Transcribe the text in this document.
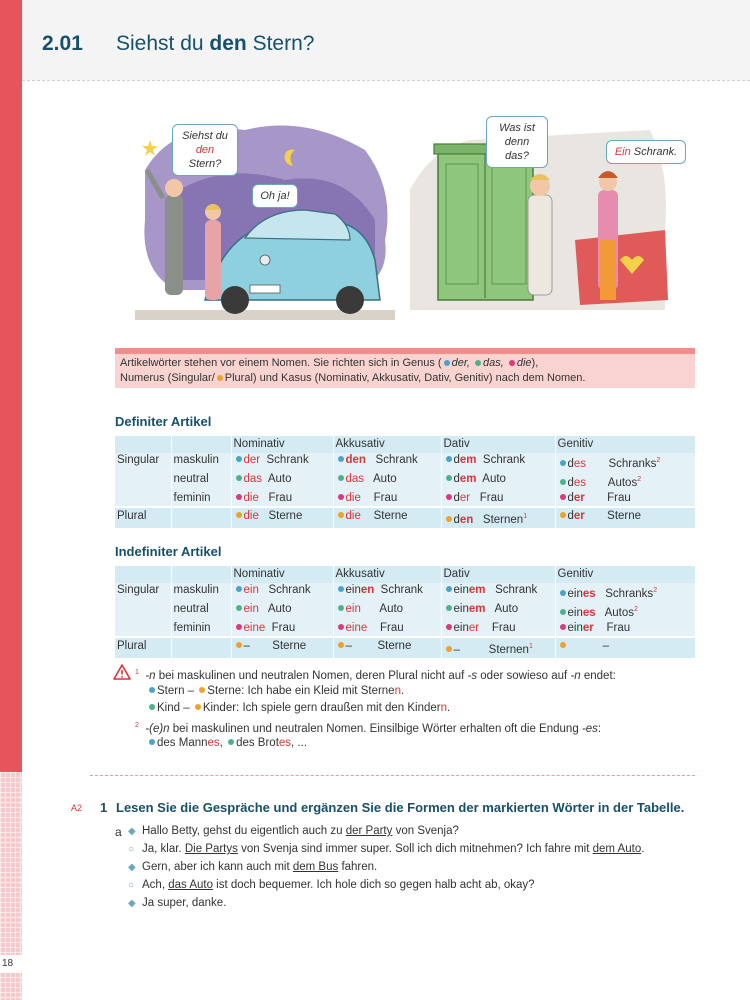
18
2.01 Siehst du den Stern?
Siehst du
den Stern?
Oh ja!
Was ist
denn das?	Ein Schrank.
Artikelwörter stehen vor einem Nomen. Sie richten sich in Genus ( der, das, die),
Numerus (Singular/ Plural) und Kasus (Nominativ, Akkusativ, Dativ, Genitiv) nach dem Nomen.
Definiter Artikel
		Nominativ	Akkusativ	Dativ	Genitiv
Singular	maskulin	der Schrank	den Schrank	dem Schrank	des Schranks$^2$
	neutral	das Auto	das Auto	dem Auto	des Autos$^2$
	feminin	die Frau	die Frau	der Frau	der Frau
Plural		die Sterne	die Sterne	den Sternen$^1$	der Sterne
Indefiniter Artikel
		Nominativ	Akkusativ	Dativ	Genitiv
Singular	maskulin	ein Schrank	einen Schrank	einem Schrank	eines Schranks$^2$
	neutral	ein Auto	ein Auto	einem Auto	eines Autos$^2$
	feminin	eine Frau	eine Frau	einer Frau	einer Frau
Plural		– Sterne	– Sterne	– Sternen$^1$	–
$^1$ -n bei maskulinen und neutralen Nomen, deren Plural nicht auf -s oder sowieso auf -n endet:
Stern – Sterne: Ich habe ein Kleid mit Sternen.
Kind – Kinder: Ich spiele gern draußen mit den Kindern.
$^2$ -(e)n bei maskulinen und neutralen Nomen. Einsilbige Wörter erhalten oft die Endung -es:
des Mannes, des Brotes, ...
A2 1 Lesen Sie die Gespräche und ergänzen Sie die Formen der markierten Wörter in der Tabelle.
a ◆ Hallo Betty, gehst du eigentlich auch zu der Party von Svenja?
○ Ja, klar. Die Partys von Svenja sind immer super. Soll ich dich mitnehmen? Ich fahre mit dem Auto.
◆ Gern, aber ich kann auch mit dem Bus fahren.
○ Ach, das Auto ist doch bequemer. Ich hole dich so gegen halb acht ab, okay?
◆ Ja super, danke.
